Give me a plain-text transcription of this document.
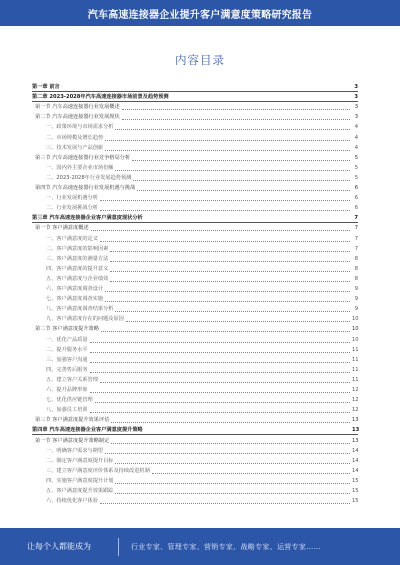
汽车高速连接器企业提升客户满意度策略研究报告
内容目录
第一章 前言	3
第二章 2023-2028年汽车高速连接器市场前景及趋势预测	3
第一节 汽车高速连接器行业发展概述	3
第二节 汽车高速连接器行业发展现状	3
一、政策环境与市场需求分析	4
二、市场规模及增长趋势	4
三、技术发展与产品创新	4
第三节 汽车高速连接器行业竞争格局分析	5
一、国内外主要企业市场份额	5
二、2023-2028年行业发展趋势预测	5
第四节 汽车高速连接器行业发展机遇与挑战	6
一、行业发展机遇分析	6
二、行业发展挑战分析	6
第三章 汽车高速连接器企业客户满意度现状分析	7
第一节 客户满意度概述	7
一、客户满意度的定义	7
二、客户满意度的影响因素	7
三、客户满意度的测量方法	8
四、客户满意度的提升意义	8
五、客户满意度与企业绩效	8
六、客户满意度调查设计	9
七、客户满意度调查实施	9
八、客户满意度调查结果分析	9
九、客户满意度存在的问题及原因	10
第二节 客户满意度提升策略	10
一、优化产品质量	10
二、提升服务水平	11
三、加强客户沟通	11
四、完善售后服务	11
五、建立客户关系管理	11
六、提升品牌形象	12
七、优化供应链管理	12
八、加强员工培训	12
第三节 客户满意度提升效果评估	13
第四章 汽车高速连接器企业客户满意度提升策略	13
第一节 客户满意度提升策略制定	13
一、明确客户需求与期望	14
二、制定客户满意度提升目标	14
三、建立客户满意度评价体系及持续改进机制	14
四、实施客户满意度提升计划	15
五、客户满意度提升效果跟踪	15
六、持续优化客户体验	15
让每个人都能成为	行业专家、管理专家、营销专家、战略专家、运营专家……
